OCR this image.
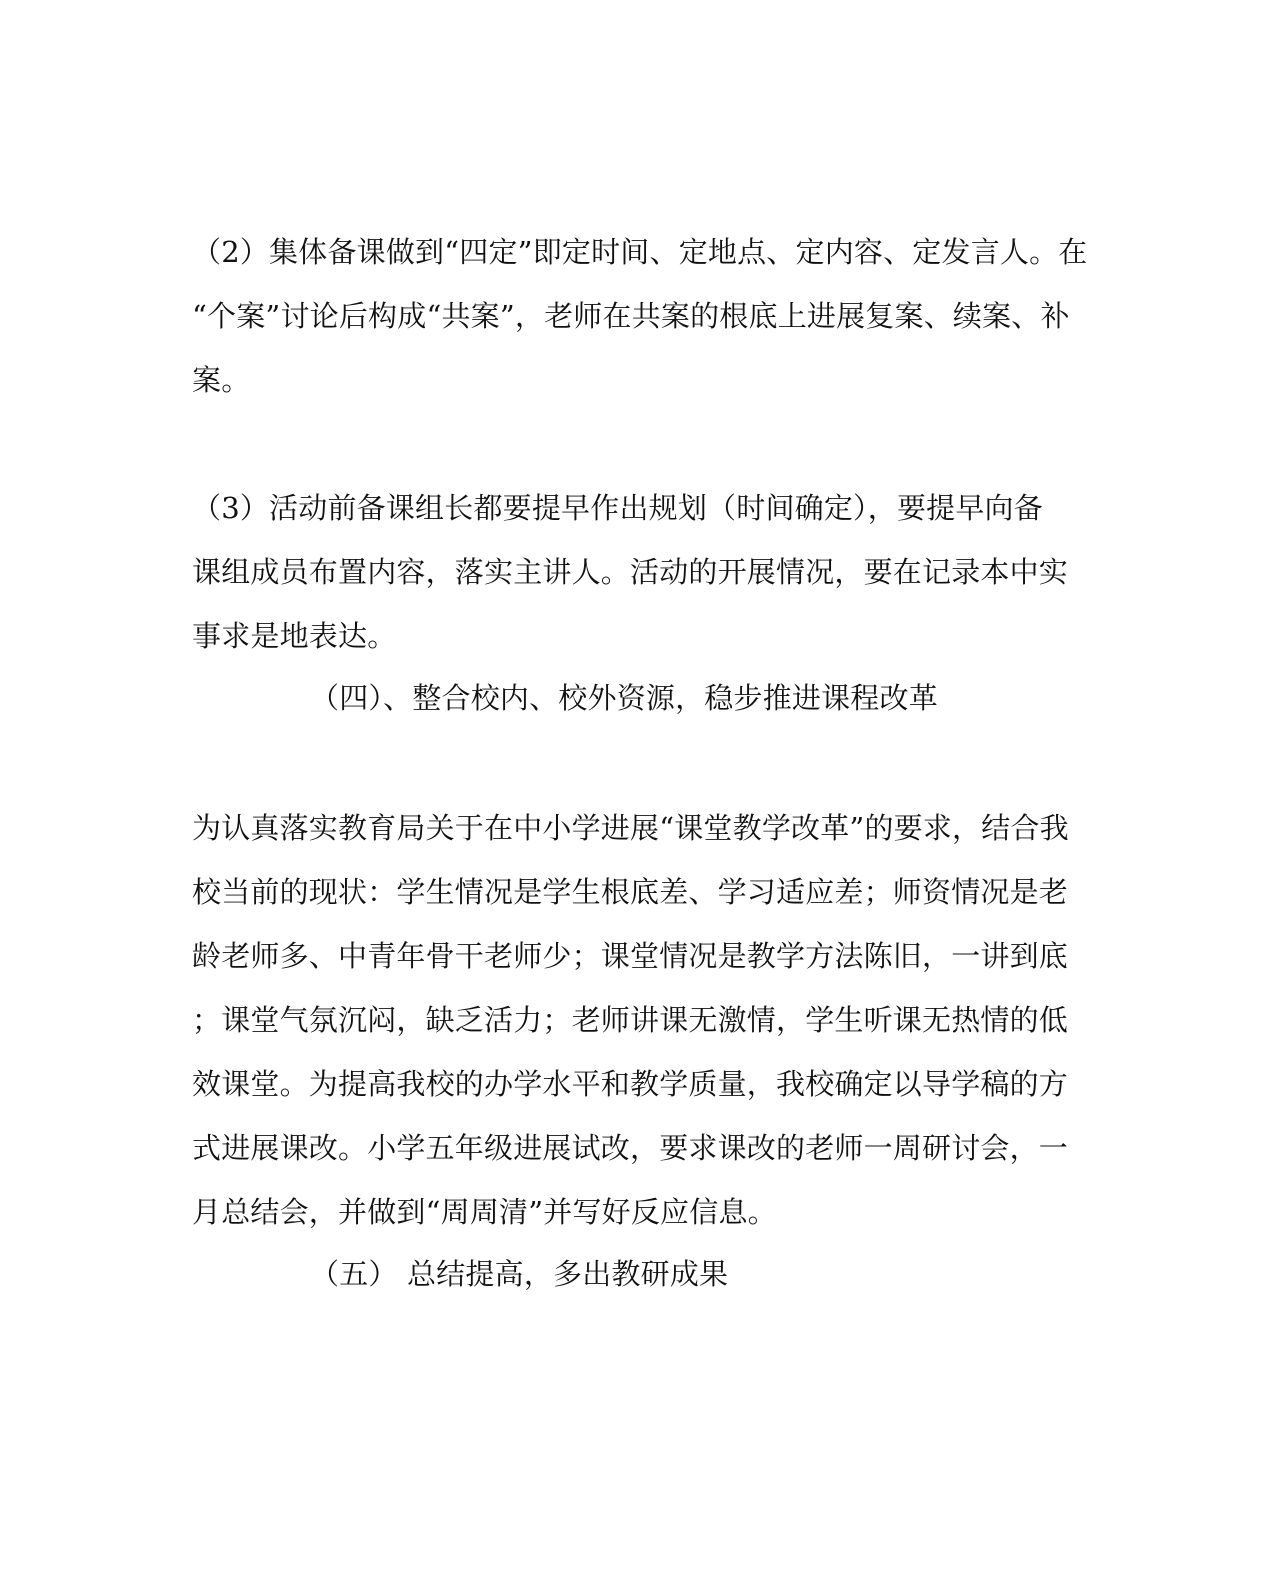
（2）集体备课做到“四定”即定时间、定地点、定内容、定发言人。在
“个案”讨论后构成“共案”，老师在共案的根底上进展复案、续案、补
案。
（3）活动前备课组长都要提早作出规划（时间确定），要提早向备
课组成员布置内容，落实主讲人。活动的开展情况，要在记录本中实
事求是地表达。
（四）、整合校内、校外资源，稳步推进课程改革
为认真落实教育局关于在中小学进展“课堂教学改革”的要求，结合我
校当前的现状：学生情况是学生根底差、学习适应差；师资情况是老
龄老师多、中青年骨干老师少；课堂情况是教学方法陈旧，一讲到底
；课堂气氛沉闷，缺乏活力；老师讲课无激情，学生听课无热情的低
效课堂。为提高我校的办学水平和教学质量，我校确定以导学稿的方
式进展课改。小学五年级进展试改，要求课改的老师一周研讨会，一
月总结会，并做到“周周清”并写好反应信息。
（五） 总结提高，多出教研成果
